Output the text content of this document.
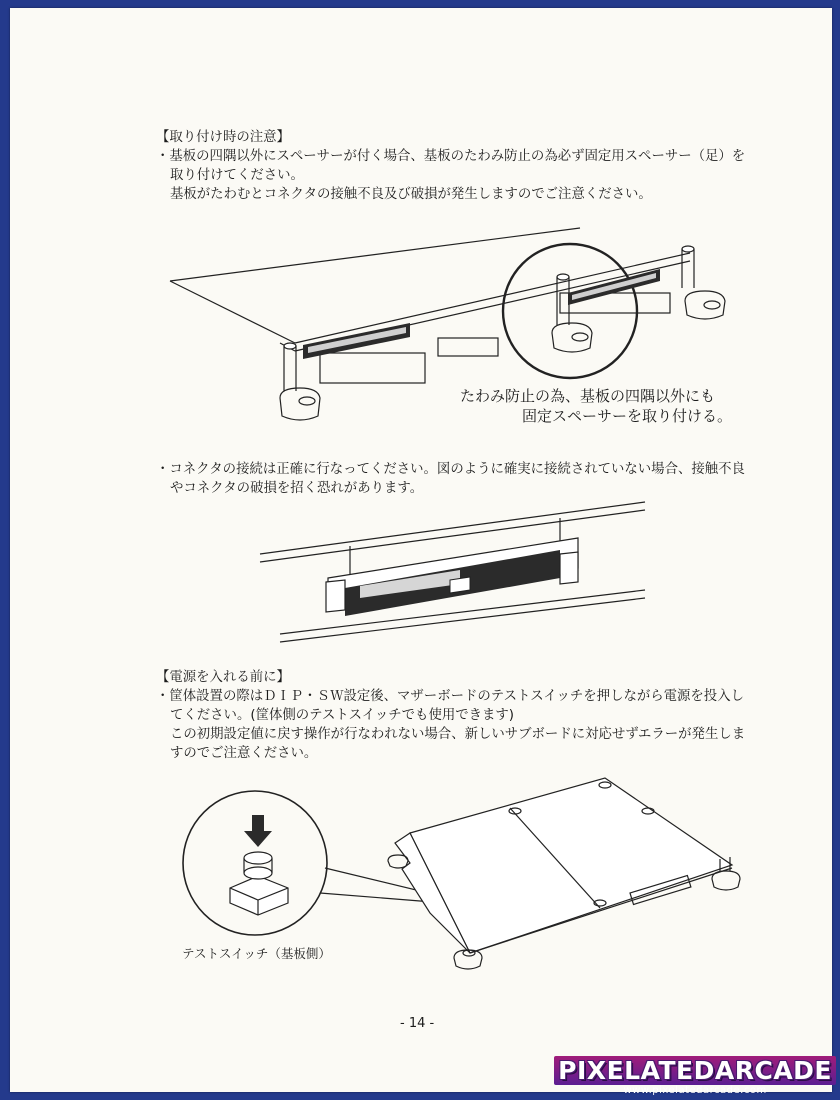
【取り付け時の注意】
・基板の四隅以外にスペーサーが付く場合、基板のたわみ防止の為必ず固定用スペーサー（足）を
取り付けてください。
基板がたわむとコネクタの接触不良及び破損が発生しますのでご注意ください。
たわみ防止の為、基板の四隅以外にも
固定スペーサーを取り付ける。
・コネクタの接続は正確に行なってください。図のように確実に接続されていない場合、接触不良
やコネクタの破損を招く恐れがあります。
【電源を入れる前に】
・筐体設置の際はＤＩＰ・ＳＷ設定後、マザーボードのテストスイッチを押しながら電源を投入し
てください。(筐体側のテストスイッチでも使用できます)
この初期設定値に戻す操作が行なわれない場合、新しいサブボードに対応せずエラーが発生しま
すのでご注意ください。
テストスイッチ（基板側）
- 14 -
PIXELATEDARCADE
www.pixelatedarcade.com
